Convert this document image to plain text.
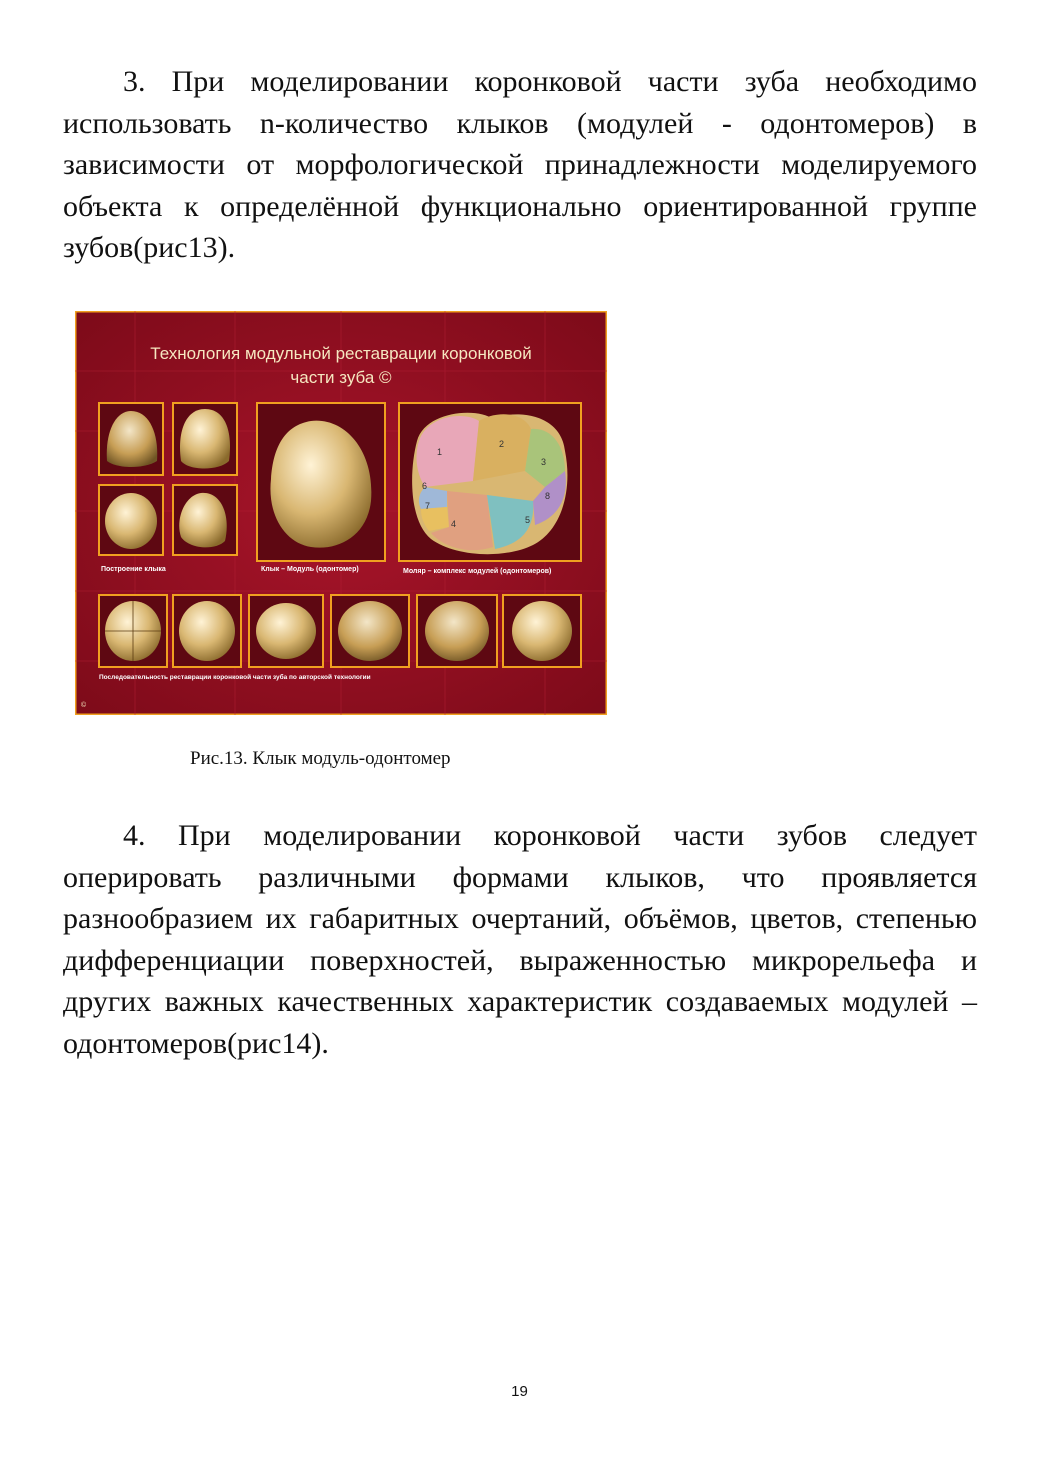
3. При моделировании коронковой части зуба необходимо использовать n-количество клыков (модулей - одонтомеров) в зависимости от морфологической принадлежности моделируемого объекта к определённой функционально ориентированной группе зубов(рис13).

Технология модульной реставрации коронковой
части зуба ©
Построение клыка	Клык – Модуль (одонтомер)
1
2
3
4	5
6
7
8
Моляр – комплекс модулей (одонтомеров)
Последовательность реставрации коронковой части зуба по авторской технологии
©
Рис.13. Клык модуль-одонтомер

4. При моделировании коронковой части зубов следует оперировать различными формами клыков, что проявляется разнообразием их габаритных очертаний, объёмов, цветов, степенью дифференциации поверхностей, выраженностью микрорельефа и других важных качественных характеристик создаваемых модулей – одонтомеров(рис14).

19
